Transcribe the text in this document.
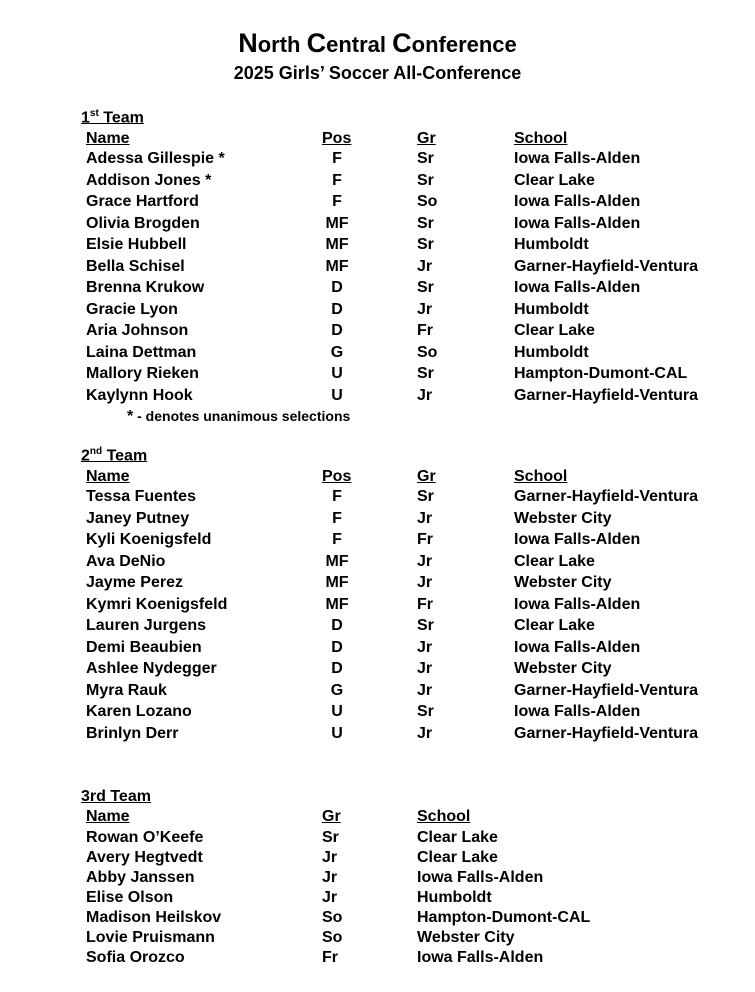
North Central Conference
2025 Girls’ Soccer All-Conference
1st Team
Name	Pos	Gr	School
Adessa Gillespie *	F	Sr	Iowa Falls-Alden
Addison Jones *	F	Sr	Clear Lake
Grace Hartford	F	So	Iowa Falls-Alden
Olivia Brogden	MF	Sr	Iowa Falls-Alden
Elsie Hubbell	MF	Sr	Humboldt
Bella Schisel	MF	Jr	Garner-Hayfield-Ventura
Brenna Krukow	D	Sr	Iowa Falls-Alden
Gracie Lyon	D	Jr	Humboldt
Aria Johnson	D	Fr	Clear Lake
Laina Dettman	G	So	Humboldt
Mallory Rieken	U	Sr	Hampton-Dumont-CAL
Kaylynn Hook	U	Jr	Garner-Hayfield-Ventura
* - denotes unanimous selections
2nd Team
Name	Pos	Gr	School
Tessa Fuentes	F	Sr	Garner-Hayfield-Ventura
Janey Putney	F	Jr	Webster City
Kyli Koenigsfeld	F	Fr	Iowa Falls-Alden
Ava DeNio	MF	Jr	Clear Lake
Jayme Perez	MF	Jr	Webster City
Kymri Koenigsfeld	MF	Fr	Iowa Falls-Alden
Lauren Jurgens	D	Sr	Clear Lake
Demi Beaubien	D	Jr	Iowa Falls-Alden
Ashlee Nydegger	D	Jr	Webster City
Myra Rauk	G	Jr	Garner-Hayfield-Ventura
Karen Lozano	U	Sr	Iowa Falls-Alden
Brinlyn Derr	U	Jr	Garner-Hayfield-Ventura
3rd Team
Name	Gr	School
Rowan O’Keefe	Sr	Clear Lake
Avery Hegtvedt	Jr	Clear Lake
Abby Janssen	Jr	Iowa Falls-Alden
Elise Olson	Jr	Humboldt
Madison Heilskov	So	Hampton-Dumont-CAL
Lovie Pruismann	So	Webster City
Sofia Orozco	Fr	Iowa Falls-Alden
